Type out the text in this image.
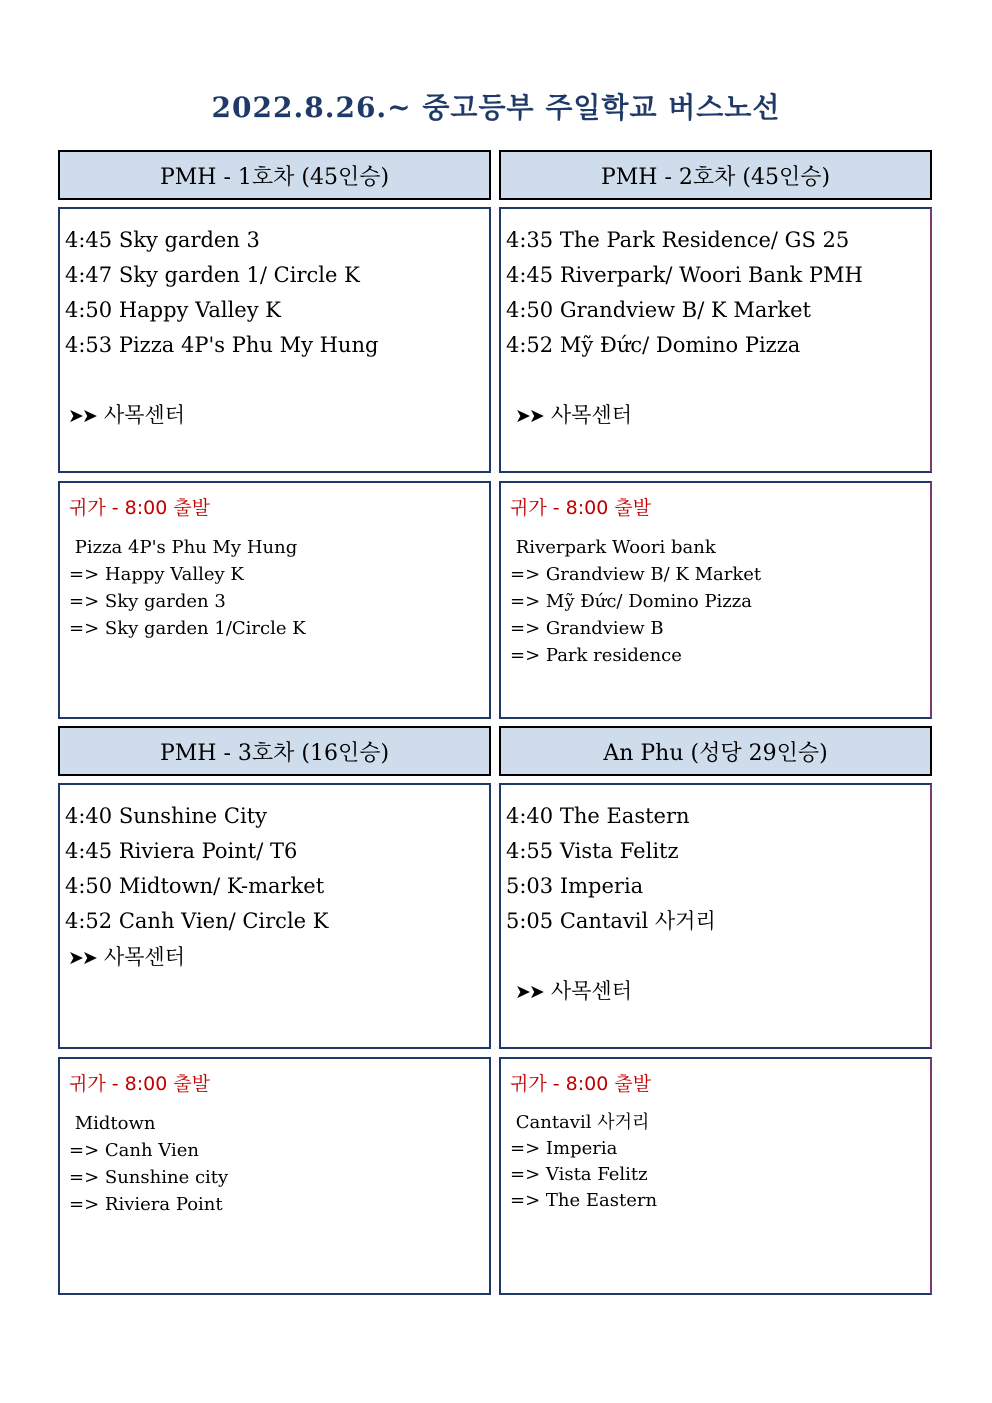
2022.8.26.~ 중고등부 주일학교 버스노선
PMH - 1호차 (45인승)
4:45 Sky garden 3
4:47 Sky garden 1/ Circle K
4:50 Happy Valley K
4:53 Pizza 4P's Phu My Hung
➤➤ 사목센터
귀가 - 8:00 출발
Pizza 4P's Phu My Hung
=> Happy Valley K
=> Sky garden 3
=> Sky garden 1/Circle K
PMH - 2호차 (45인승)
4:35 The Park Residence/ GS 25
4:45 Riverpark/ Woori Bank PMH
4:50 Grandview B/ K Market
4:52 Mỹ Đức/ Domino Pizza
➤➤ 사목센터
귀가 - 8:00 출발
Riverpark Woori bank
=> Grandview B/ K Market
=> Mỹ Đức/ Domino Pizza
=> Grandview B
=> Park residence
PMH - 3호차 (16인승)
4:40 Sunshine City
4:45 Riviera Point/ T6
4:50 Midtown/ K-market
4:52 Canh Vien/ Circle K
➤➤ 사목센터
귀가 - 8:00 출발
Midtown
=> Canh Vien
=> Sunshine city
=> Riviera Point
An Phu (성당 29인승)
4:40 The Eastern
4:55 Vista Felitz
5:03 Imperia
5:05 Cantavil 사거리
➤➤ 사목센터
귀가 - 8:00 출발
Cantavil 사거리
=> Imperia
=> Vista Felitz
=> The Eastern
